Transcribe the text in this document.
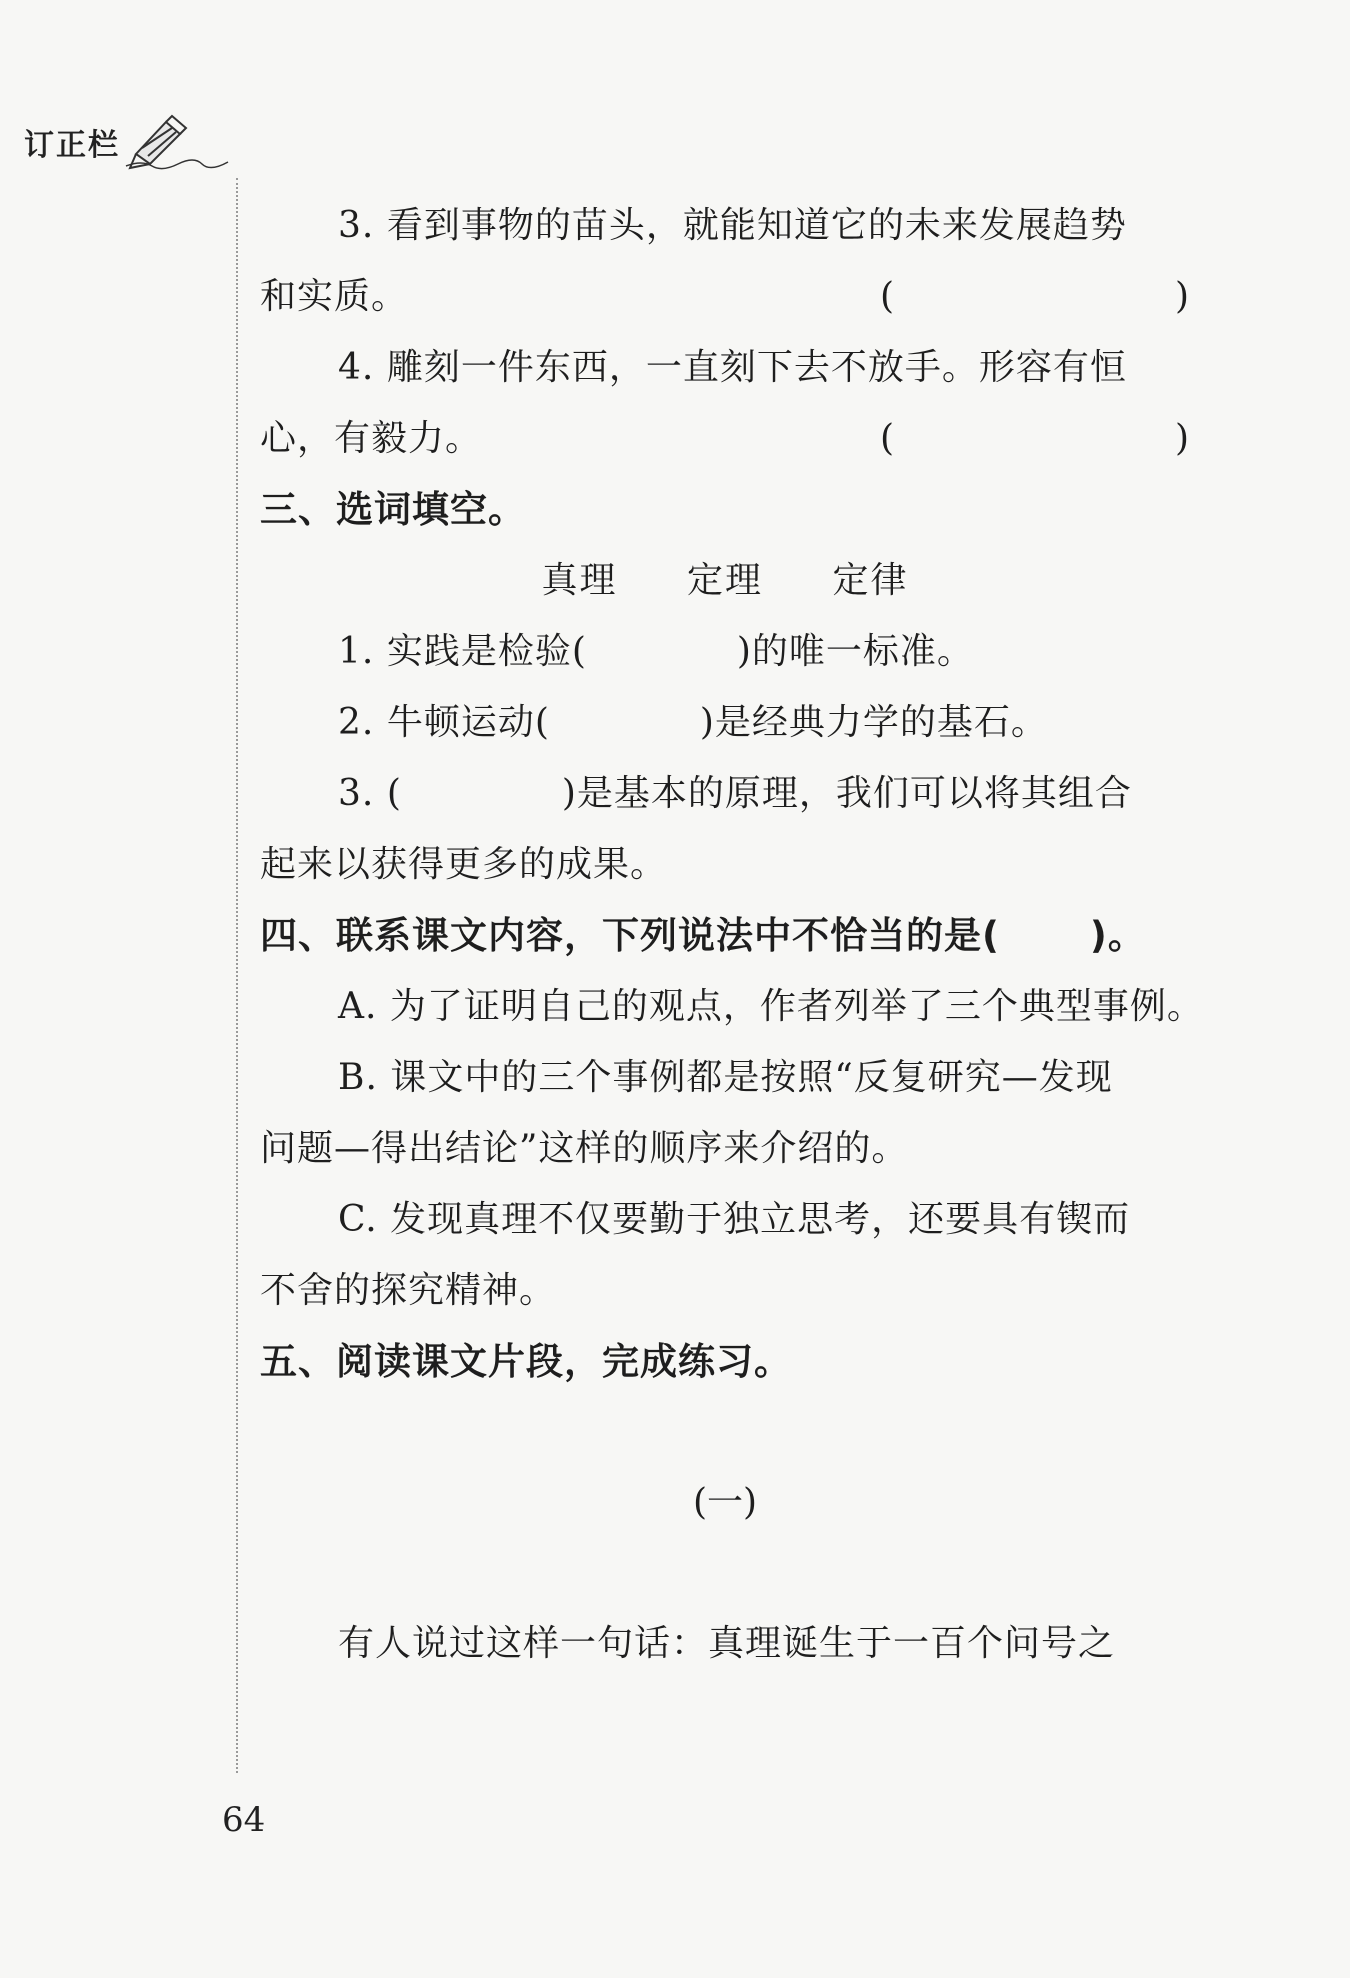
订正栏
3. 看到事物的苗头，就能知道它的未来发展趋势
和实质。	(	)
4. 雕刻一件东西，一直刻下去不放手。形容有恒
心，有毅力。	(	)
三、选词填空。
真理 定理 定律
1. 实践是检验(	)的唯一标准。
2. 牛顿运动(	)是经典力学的基石。
3. (	)是基本的原理，我们可以将其组合
起来以获得更多的成果。
四、联系课文内容，下列说法中不恰当的是( )。
A. 为了证明自己的观点，作者列举了三个典型事例。
B. 课文中的三个事例都是按照“反复研究—发现
问题—得出结论”这样的顺序来介绍的。
C. 发现真理不仅要勤于独立思考，还要具有锲而
不舍的探究精神。
五、阅读课文片段，完成练习。
(一)
有人说过这样一句话：真理诞生于一百个问号之
64
